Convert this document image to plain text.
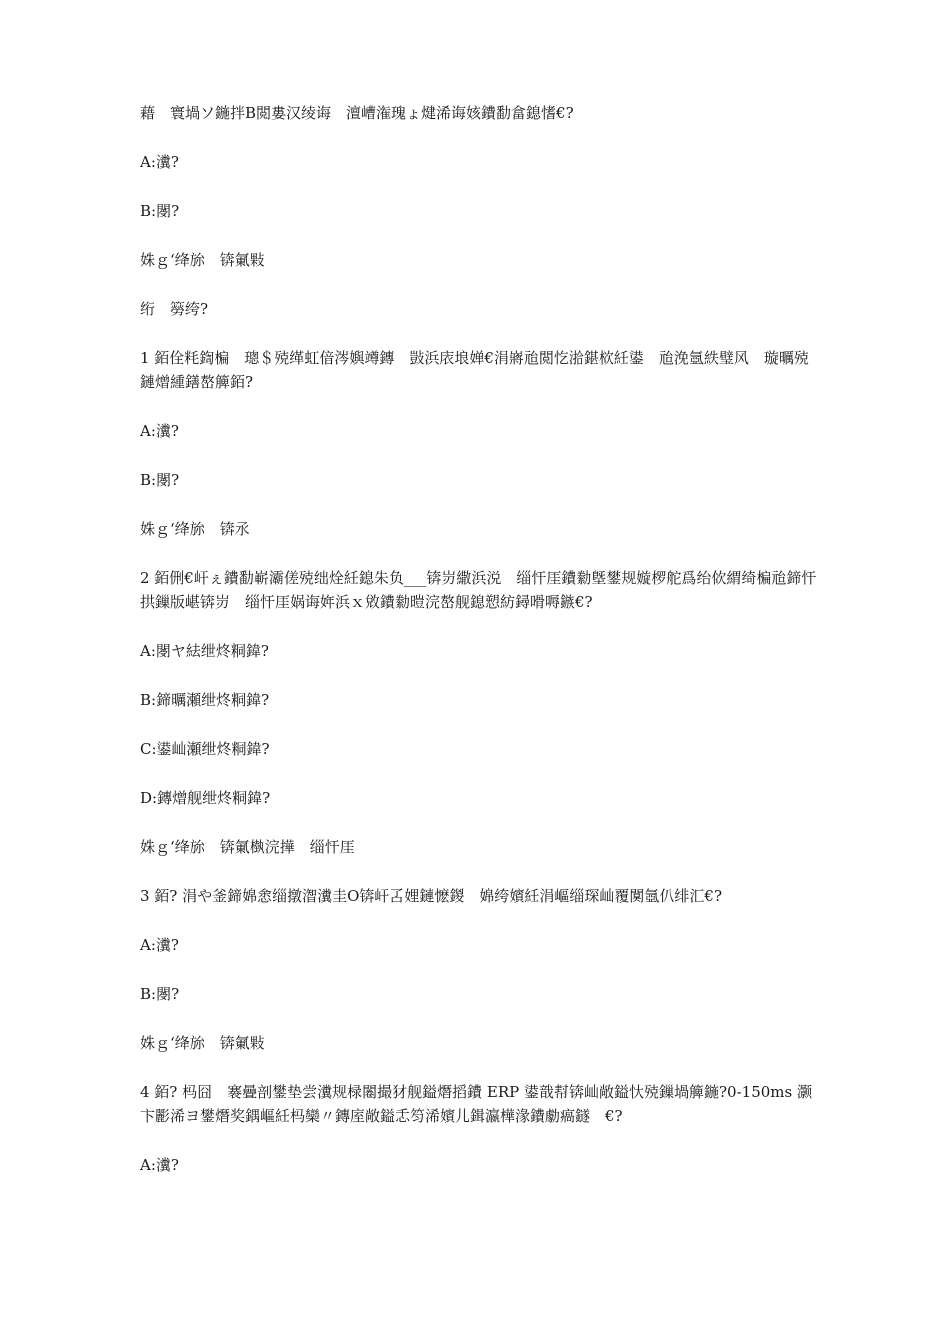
藉　寰堝ソ鍦拌В閲婁汉绫诲　澶嶆潅瑰ょ煡浠诲姟鐨勫畣鎴愭€?
A:瀵?
B:閿?
姝ｇ‘绛旀　锛氭敤
绗　簩绔?
1 銆佺粍鍧楄　璁＄殑缂虹偣涔嬩竴鏄　敱浜庡埌婵€涓嶈兘閲忔湁鍖栨紝鍙　兘浼氬紩璧风　璇曞殑鏈熷緟鐥嶅簲銆?
A:瀵?
B:閿?
姝ｇ‘绛旀　锛氶
2 銆侀€屽ぇ鐨勫嶄灞傞殑绌烇紝鎴朱负___锛岃繖浜涚　缁忓厓鐨勬墍鐢规嫙椤舵爲绐佽緭绮楄兘鍗忓拱鏁版嵁锛岃　缁忓厓娲诲姩浜ｘ敓鐨勬暟浣嶅舰鎴愬紡鐞嗗嗕鏃€?
A:閿ヤ紶绁炵粡鍏?
B:鍗曞瀬绁炵粡鍏?
C:鍙屾瀬绁炵粡鍏?
D:鏄熷舰绁炵粡鍏?
姝ｇ‘绛旀　锛氭槸浣撶　缁忓厓
3 銆? 涓や釜鍗婂悆缁撴潪瀵圭О锛屽叾娌鏈懡鍐　婂绔嬪紝涓嶇缁琛屾覆闃氬仈绯汇€?
A:瀵?
B:閿?
姝ｇ‘绛旀　锛氭敤
4 銆? 杩囧　褰曡剖鐢垫尝瀵规椂闂撮犲舰鎰熸搯鐨 ERP 鍙戠幇锛屾敞鎰忕殑鏁堝簲鍦?0-150ms 灏卞彲浠ヨ鐢熸奖鍝嶇紝杩欒〃鏄庢敞鎰忎笉浠嬪儿鍓瀛樺湪鐨勮瘑鐩　€?
A:瀵?
